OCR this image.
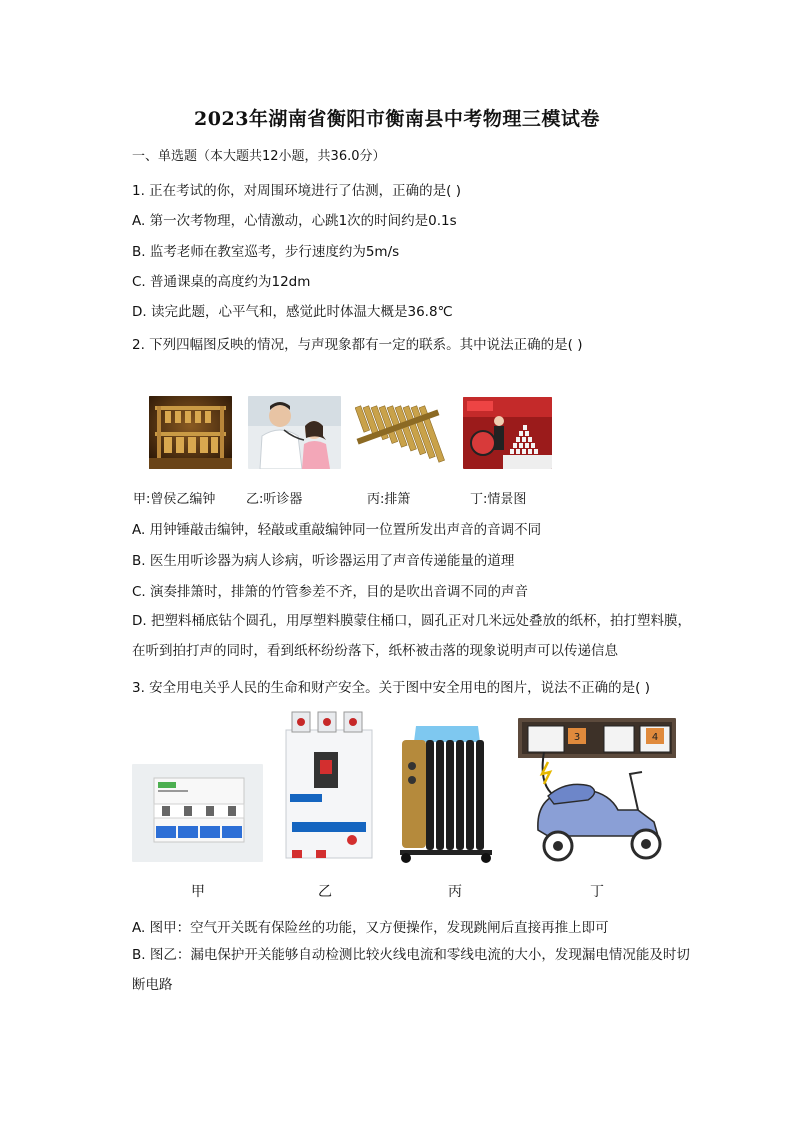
2023年湖南省衡阳市衡南县中考物理三模试卷
一、单选题（本大题共12小题，共36.0分）
1. 正在考试的你，对周围环境进行了估测，正确的是( )
A. 第一次考物理，心情激动，心跳1次的时间约是0.1s
B. 监考老师在教室巡考，步行速度约为5m/s
C. 普通课桌的高度约为12dm
D. 读完此题，心平气和，感觉此时体温大概是36.8℃
2. 下列四幅图反映的情况，与声现象都有一定的联系。其中说法正确的是( )
甲:曾侯乙编钟 乙:听诊器	丙:排箫	丁:情景图
A. 用钟锤敲击编钟，轻敲或重敲编钟同一位置所发出声音的音调不同
B. 医生用听诊器为病人诊病，听诊器运用了声音传递能量的道理
C. 演奏排箫时，排箫的竹管参差不齐，目的是吹出音调不同的声音
D. 把塑料桶底钻个圆孔，用厚塑料膜蒙住桶口，圆孔正对几米远处叠放的纸杯，拍打塑料膜，在听到拍打声的同时，看到纸杯纷纷落下，纸杯被击落的现象说明声可以传递信息
3. 安全用电关乎人民的生命和财产安全。关于图中安全用电的图片，说法不正确的是( )
3	4
甲	乙	丙	丁
A. 图甲：空气开关既有保险丝的功能，又方便操作，发现跳闸后直接再推上即可
B. 图乙：漏电保护开关能够自动检测比较火线电流和零线电流的大小，发现漏电情况能及时切断电路
